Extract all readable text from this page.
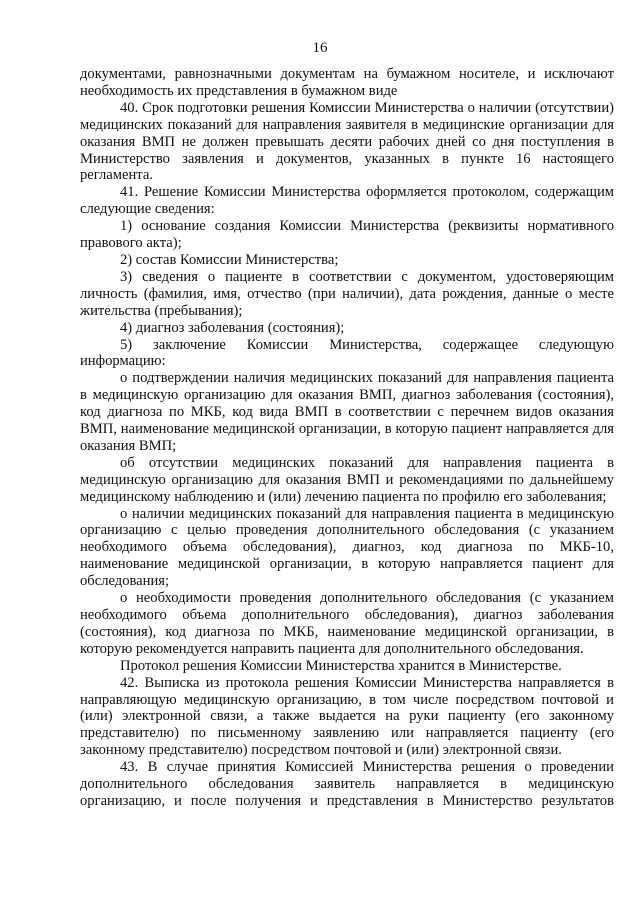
16

документами, равнозначными документам на бумажном носителе, и исключают необходимость их представления в бумажном виде

40. Срок подготовки решения Комиссии Министерства о наличии (отсутствии) медицинских показаний для направления заявителя в медицинские организации для оказания ВМП не должен превышать десяти рабочих дней со дня поступления в Министерство заявления и документов, указанных в пункте 16 настоящего регламента.

41. Решение Комиссии Министерства оформляется протоколом, содержащим следующие сведения:

1) основание создания Комиссии Министерства (реквизиты нормативного правового акта);

2) состав Комиссии Министерства;

3) сведения о пациенте в соответствии с документом, удостоверяющим личность (фамилия, имя, отчество (при наличии), дата рождения, данные о месте жительства (пребывания);

4) диагноз заболевания (состояния);

5) заключение Комиссии Министерства, содержащее следующую информацию:

о подтверждении наличия медицинских показаний для направления пациента в медицинскую организацию для оказания ВМП, диагноз заболевания (состояния), код диагноза по МКБ, код вида ВМП в соответствии с перечнем видов оказания ВМП, наименование медицинской организации, в которую пациент направляется для оказания ВМП;

об отсутствии медицинских показаний для направления пациента в медицинскую организацию для оказания ВМП и рекомендациями по дальнейшему медицинскому наблюдению и (или) лечению пациента по профилю его заболевания;

о наличии медицинских показаний для направления пациента в медицинскую организацию с целью проведения дополнительного обследования (с указанием необходимого объема обследования), диагноз, код диагноза по МКБ-10, наименование медицинской организации, в которую направляется пациент для обследования;

о необходимости проведения дополнительного обследования (с указанием необходимого объема дополнительного обследования), диагноз заболевания (состояния), код диагноза по МКБ, наименование медицинской организации, в которую рекомендуется направить пациента для дополнительного обследования.

Протокол решения Комиссии Министерства хранится в Министерстве.

42. Выписка из протокола решения Комиссии Министерства направляется в направляющую медицинскую организацию, в том числе посредством почтовой и (или) электронной связи, а также выдается на руки пациенту (его законному представителю) по письменному заявлению или направляется пациенту (его законному представителю) посредством почтовой и (или) электронной связи.

43. В случае принятия Комиссией Министерства решения о проведении дополнительного обследования заявитель направляется в медицинскую организацию, и после получения и представления в Министерство результатов
